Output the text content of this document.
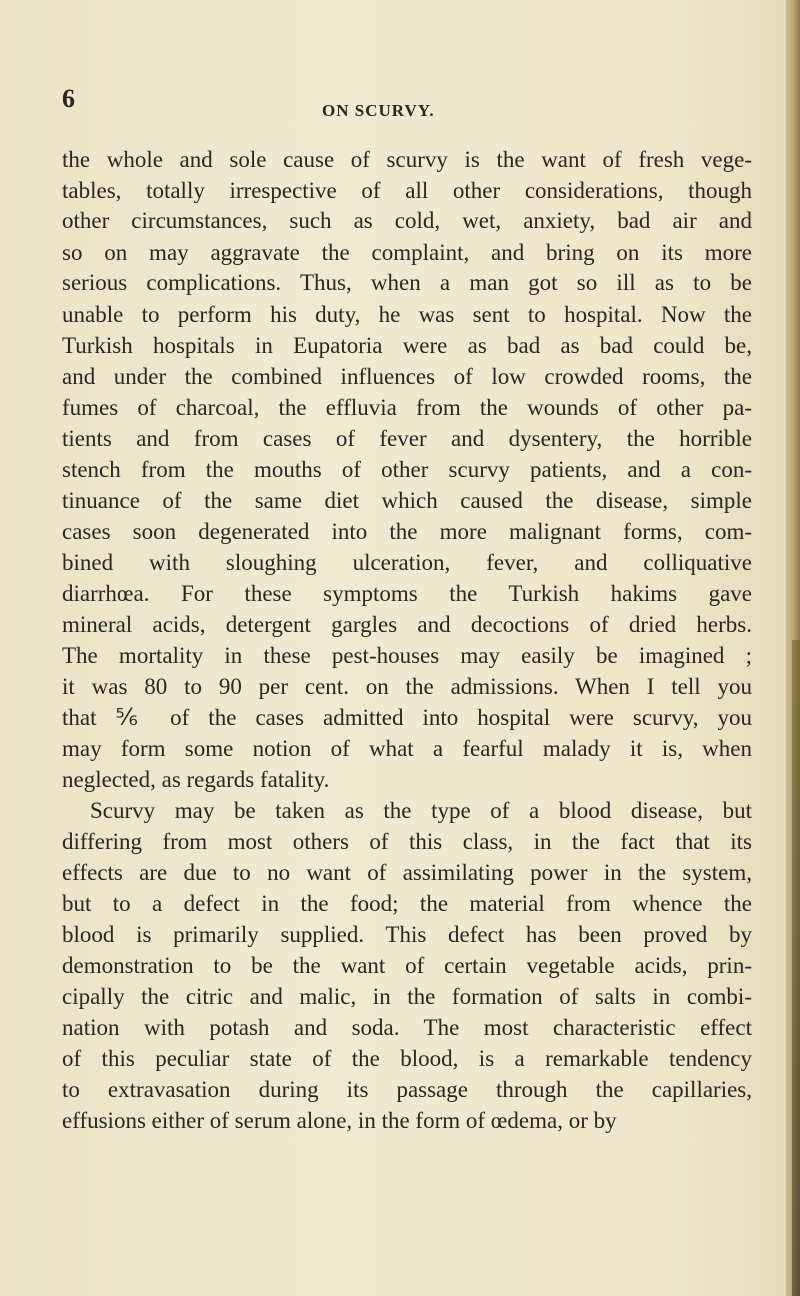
6	ON SCURVY.
the whole and sole cause of scurvy is the want of fresh vege-
tables, totally irrespective of all other considerations, though
other circumstances, such as cold, wet, anxiety, bad air and
so on may aggravate the complaint, and bring on its more
serious complications. Thus, when a man got so ill as to be
unable to perform his duty, he was sent to hospital. Now the
Turkish hospitals in Eupatoria were as bad as bad could be,
and under the combined influences of low crowded rooms, the
fumes of charcoal, the effluvia from the wounds of other pa-
tients and from cases of fever and dysentery, the horrible
stench from the mouths of other scurvy patients, and a con-
tinuance of the same diet which caused the disease, simple
cases soon degenerated into the more malignant forms, com-
bined with sloughing ulceration, fever, and colliquative
diarrhœa. For these symptoms the Turkish hakims gave
mineral acids, detergent gargles and decoctions of dried herbs.
The mortality in these pest-houses may easily be imagined ;
it was 80 to 90 per cent. on the admissions. When I tell you
that ⅚ of the cases admitted into hospital were scurvy, you
may form some notion of what a fearful malady it is, when
neglected, as regards fatality.
Scurvy may be taken as the type of a blood disease, but
differing from most others of this class, in the fact that its
effects are due to no want of assimilating power in the system,
but to a defect in the food; the material from whence the
blood is primarily supplied. This defect has been proved by
demonstration to be the want of certain vegetable acids, prin-
cipally the citric and malic, in the formation of salts in combi-
nation with potash and soda. The most characteristic effect
of this peculiar state of the blood, is a remarkable tendency
to extravasation during its passage through the capillaries,
effusions either of serum alone, in the form of œdema, or by
